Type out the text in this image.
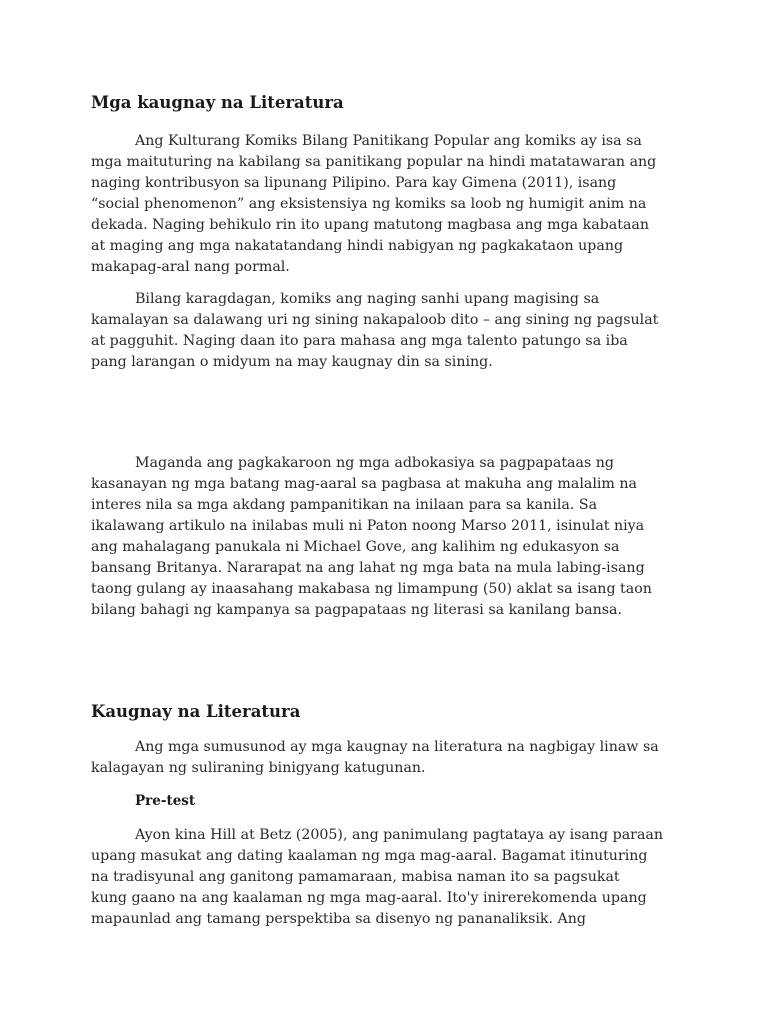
Mga kaugnay na Literatura
Ang Kulturang Komiks Bilang Panitikang Popular ang komiks ay isa sa
mga maituturing na kabilang sa panitikang popular na hindi matatawaran ang
naging kontribusyon sa lipunang Pilipino. Para kay Gimena (2011), isang
“social phenomenon” ang eksistensiya ng komiks sa loob ng humigit anim na
dekada. Naging behikulo rin ito upang matutong magbasa ang mga kabataan
at maging ang mga nakatatandang hindi nabigyan ng pagkakataon upang
makapag-aral nang pormal.
Bilang karagdagan, komiks ang naging sanhi upang magising sa
kamalayan sa dalawang uri ng sining nakapaloob dito – ang sining ng pagsulat
at pagguhit. Naging daan ito para mahasa ang mga talento patungo sa iba
pang larangan o midyum na may kaugnay din sa sining.
Maganda ang pagkakaroon ng mga adbokasiya sa pagpapataas ng
kasanayan ng mga batang mag-aaral sa pagbasa at makuha ang malalim na
interes nila sa mga akdang pampanitikan na inilaan para sa kanila. Sa
ikalawang artikulo na inilabas muli ni Paton noong Marso 2011, isinulat niya
ang mahalagang panukala ni Michael Gove, ang kalihim ng edukasyon sa
bansang Britanya. Nararapat na ang lahat ng mga bata na mula labing-isang
taong gulang ay inaasahang makabasa ng limampung (50) aklat sa isang taon
bilang bahagi ng kampanya sa pagpapataas ng literasi sa kanilang bansa.
Kaugnay na Literatura
Ang mga sumusunod ay mga kaugnay na literatura na nagbigay linaw sa
kalagayan ng suliraning binigyang katugunan.
Pre-test
Ayon kina Hill at Betz (2005), ang panimulang pagtataya ay isang paraan
upang masukat ang dating kaalaman ng mga mag-aaral. Bagamat itinuturing
na tradisyunal ang ganitong pamamaraan, mabisa naman ito sa pagsukat
kung gaano na ang kaalaman ng mga mag-aaral. Ito'y inirerekomenda upang
mapaunlad ang tamang perspektiba sa disenyo ng pananaliksik. Ang
